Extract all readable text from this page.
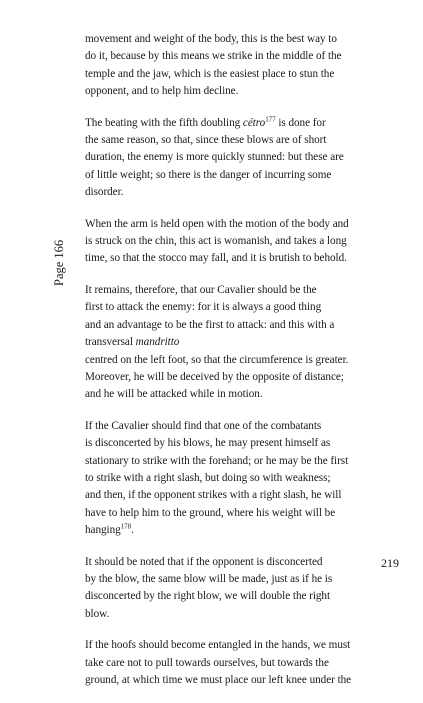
Page 166

movement and weight of the body, this is the best way to
do it, because by this means we strike in the middle of the
temple and the jaw, which is the easiest place to stun the
opponent, and to help him decline.

The beating with the fifth doubling cétro$^{177}$ is done for
the same reason, so that, since these blows are of short
duration, the enemy is more quickly stunned: but these are
of little weight; so there is the danger of incurring some
disorder.

When the arm is held open with the motion of the body and
is struck on the chin, this act is womanish, and takes a long
time, so that the stocco may fall, and it is brutish to behold.

It remains, therefore, that our Cavalier should be the
first to attack the enemy: for it is always a good thing
and an advantage to be the first to attack: and this with a
transversal mandritto
centred on the left foot, so that the circumference is greater.
Moreover, he will be deceived by the opposite of distance;
and he will be attacked while in motion.

If the Cavalier should find that one of the combatants
is disconcerted by his blows, he may present himself as
stationary to strike with the forehand; or he may be the first
to strike with a right slash, but doing so with weakness;
and then, if the opponent strikes with a right slash, he will
have to help him to the ground, where his weight will be
hanging$^{178}$.

It should be noted that if the opponent is disconcerted
by the blow, the same blow will be made, just as if he is
disconcerted by the right blow, we will double the right
blow.

If the hoofs should become entangled in the hands, we must
take care not to pull towards ourselves, but towards the
ground, at which time we must place our left knee under the

219
